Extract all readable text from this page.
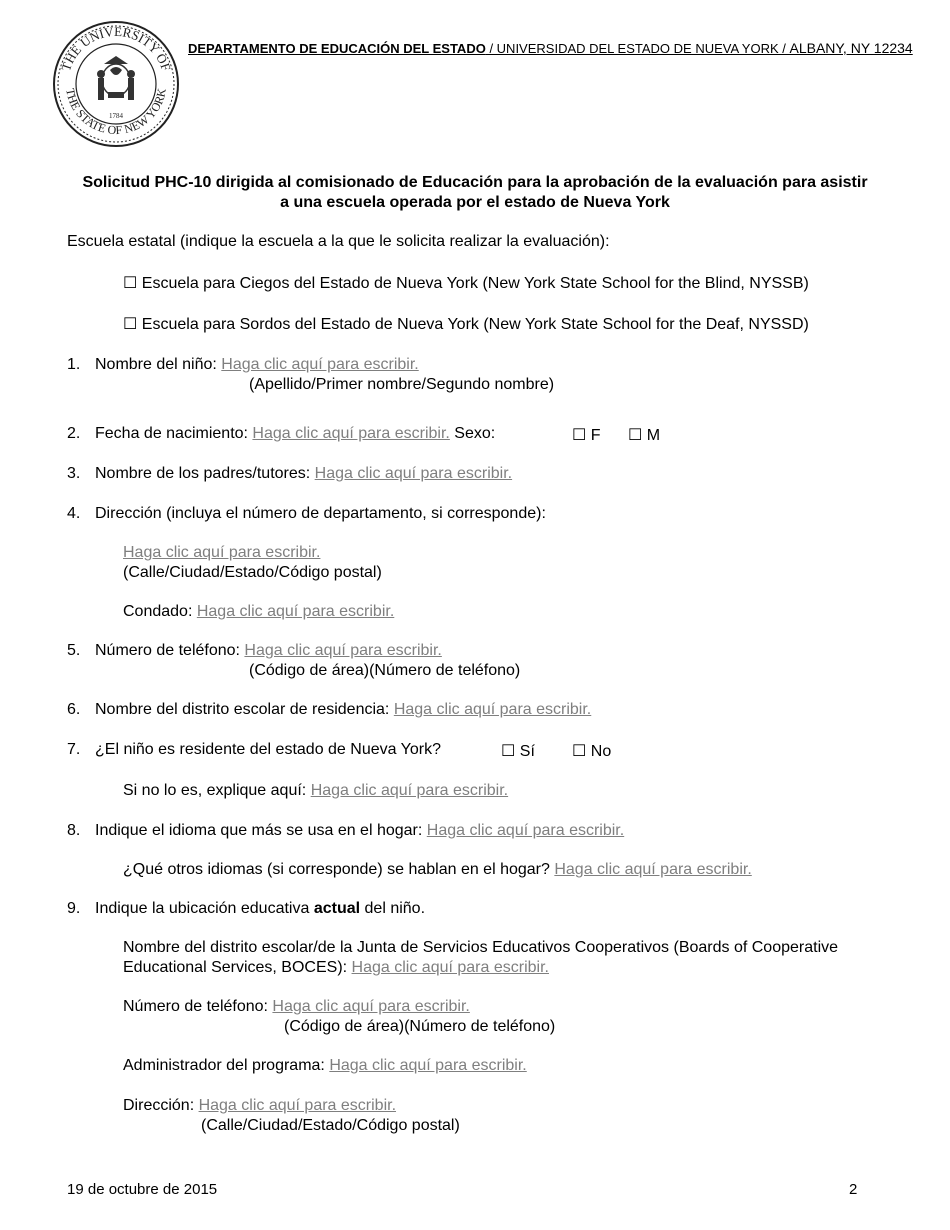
THE UNIVERSITY OF
THE STATE OF NEW YORK
1784
DEPARTAMENTO DE EDUCACIÓN DEL ESTADO / UNIVERSIDAD DEL ESTADO DE NUEVA YORK / ALBANY, NY 12234
Solicitud PHC-10 dirigida al comisionado de Educación para la aprobación de la evaluación para asistir
a una escuela operada por el estado de Nueva York
Escuela estatal (indique la escuela a la que le solicita realizar la evaluación):
☐ Escuela para Ciegos del Estado de Nueva York (New York State School for the Blind, NYSSB)
☐ Escuela para Sordos del Estado de Nueva York (New York State School for the Deaf, NYSSD)
1. Nombre del niño: Haga clic aquí para escribir.
(Apellido/Primer nombre/Segundo nombre)
2. Fecha de nacimiento: Haga clic aquí para escribir. Sexo:	☐ F ☐ M
3. Nombre de los padres/tutores: Haga clic aquí para escribir.
4. Dirección (incluya el número de departamento, si corresponde):
Haga clic aquí para escribir.
(Calle/Ciudad/Estado/Código postal)
Condado: Haga clic aquí para escribir.
5. Número de teléfono: Haga clic aquí para escribir.
(Código de área)(Número de teléfono)
6. Nombre del distrito escolar de residencia: Haga clic aquí para escribir.
7. ¿El niño es residente del estado de Nueva York?	☐ Sí ☐ No
Si no lo es, explique aquí: Haga clic aquí para escribir.
8. Indique el idioma que más se usa en el hogar: Haga clic aquí para escribir.
¿Qué otros idiomas (si corresponde) se hablan en el hogar? Haga clic aquí para escribir.
9. Indique la ubicación educativa actual del niño.
Nombre del distrito escolar/de la Junta de Servicios Educativos Cooperativos (Boards of Cooperative
Educational Services, BOCES): Haga clic aquí para escribir.
Número de teléfono: Haga clic aquí para escribir.
(Código de área)(Número de teléfono)
Administrador del programa: Haga clic aquí para escribir.
Dirección: Haga clic aquí para escribir.
(Calle/Ciudad/Estado/Código postal)
19 de octubre de 2015	2
